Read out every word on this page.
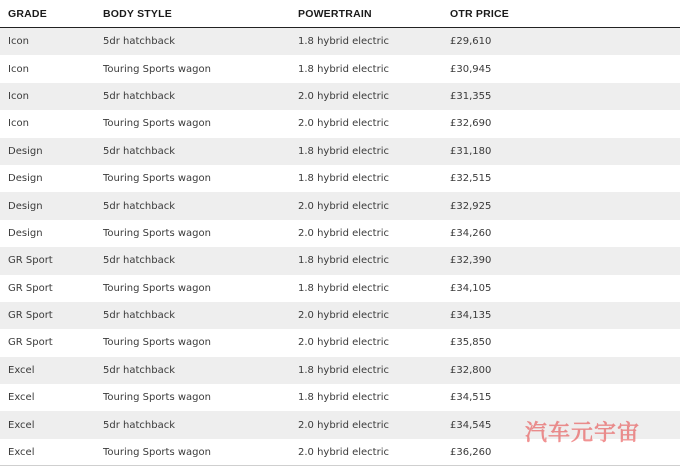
GRADE	BODY STYLE	POWERTRAIN	OTR PRICE
Icon	5dr hatchback	1.8 hybrid electric	£29,610
Icon	Touring Sports wagon	1.8 hybrid electric	£30,945
Icon	5dr hatchback	2.0 hybrid electric	£31,355
Icon	Touring Sports wagon	2.0 hybrid electric	£32,690
Design	5dr hatchback	1.8 hybrid electric	£31,180
Design	Touring Sports wagon	1.8 hybrid electric	£32,515
Design	5dr hatchback	2.0 hybrid electric	£32,925
Design	Touring Sports wagon	2.0 hybrid electric	£34,260
GR Sport	5dr hatchback	1.8 hybrid electric	£32,390
GR Sport	Touring Sports wagon	1.8 hybrid electric	£34,105
GR Sport	5dr hatchback	2.0 hybrid electric	£34,135
GR Sport	Touring Sports wagon	2.0 hybrid electric	£35,850
Excel	5dr hatchback	1.8 hybrid electric	£32,800
Excel	Touring Sports wagon	1.8 hybrid electric	£34,515
Excel	5dr hatchback	2.0 hybrid electric	£34,545
Excel	Touring Sports wagon	2.0 hybrid electric	£36,260
汽车元宇宙
